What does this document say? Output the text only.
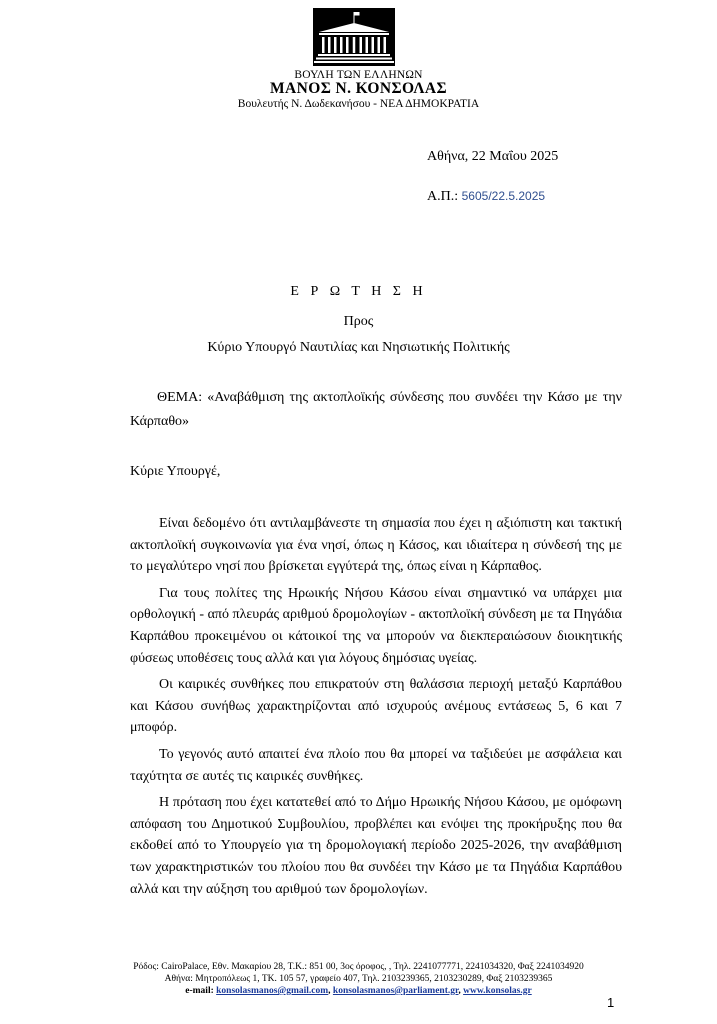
ΒΟΥΛΗ ΤΩΝ ΕΛΛΗΝΩΝ
ΜΑΝΟΣ Ν. ΚΟΝΣΟΛΑΣ
Βουλευτής Ν. Δωδεκανήσου - ΝΕΑ ΔΗΜΟΚΡΑΤΙΑ
Αθήνα, 22 Μαΐου 2025
Α.Π.: 5605/22.5.2025
Ε Ρ Ω Τ Η Σ Η
Προς
Κύριο Υπουργό Ναυτιλίας και Νησιωτικής Πολιτικής

ΘΕΜΑ: «Αναβάθμιση της ακτοπλοϊκής σύνδεσης που συνδέει την Κάσο με την Κάρπαθο»

Κύριε Υπουργέ,

Είναι δεδομένο ότι αντιλαμβάνεστε τη σημασία που έχει η αξιόπιστη και τακτική ακτοπλοϊκή συγκοινωνία για ένα νησί, όπως η Κάσος, και ιδιαίτερα η σύνδεσή της με το μεγαλύτερο νησί που βρίσκεται εγγύτερά της, όπως είναι η Κάρπαθος.

Για τους πολίτες της Ηρωικής Νήσου Κάσου είναι σημαντικό να υπάρχει μια ορθολογική - από πλευράς αριθμού δρομολογίων - ακτοπλοϊκή σύνδεση με τα Πηγάδια Καρπάθου προκειμένου οι κάτοικοί της να μπορούν να διεκπεραιώσουν διοικητικής φύσεως υποθέσεις τους αλλά και για λόγους δημόσιας υγείας.

Οι καιρικές συνθήκες που επικρατούν στη θαλάσσια περιοχή μεταξύ Καρπάθου και Κάσου συνήθως χαρακτηρίζονται από ισχυρούς ανέμους εντάσεως 5, 6 και 7 μποφόρ.

Το γεγονός αυτό απαιτεί ένα πλοίο που θα μπορεί να ταξιδεύει με ασφάλεια και ταχύτητα σε αυτές τις καιρικές συνθήκες.

Η πρόταση που έχει κατατεθεί από το Δήμο Ηρωικής Νήσου Κάσου, με ομόφωνη απόφαση του Δημοτικού Συμβουλίου, προβλέπει και ενόψει της προκήρυξης που θα εκδοθεί από το Υπουργείο για τη δρομολογιακή περίοδο 2025-2026, την αναβάθμιση των χαρακτηριστικών του πλοίου που θα συνδέει την Κάσο με τα Πηγάδια Καρπάθου αλλά και την αύξηση του αριθμού των δρομολογίων.

Ρόδος: CairoPalace, Εθν. Μακαρίου 28, Τ.Κ.: 851 00, 3ος όροφος, , Τηλ. 2241077771, 2241034320, Φαξ 2241034920
Αθήνα: Μητροπόλεως 1, ΤΚ. 105 57, γραφείο 407, Τηλ. 2103239365, 2103230289, Φαξ 2103239365
e-mail: konsolasmanos@gmail.com, konsolasmanos@parliament.gr, www.konsolas.gr
1
